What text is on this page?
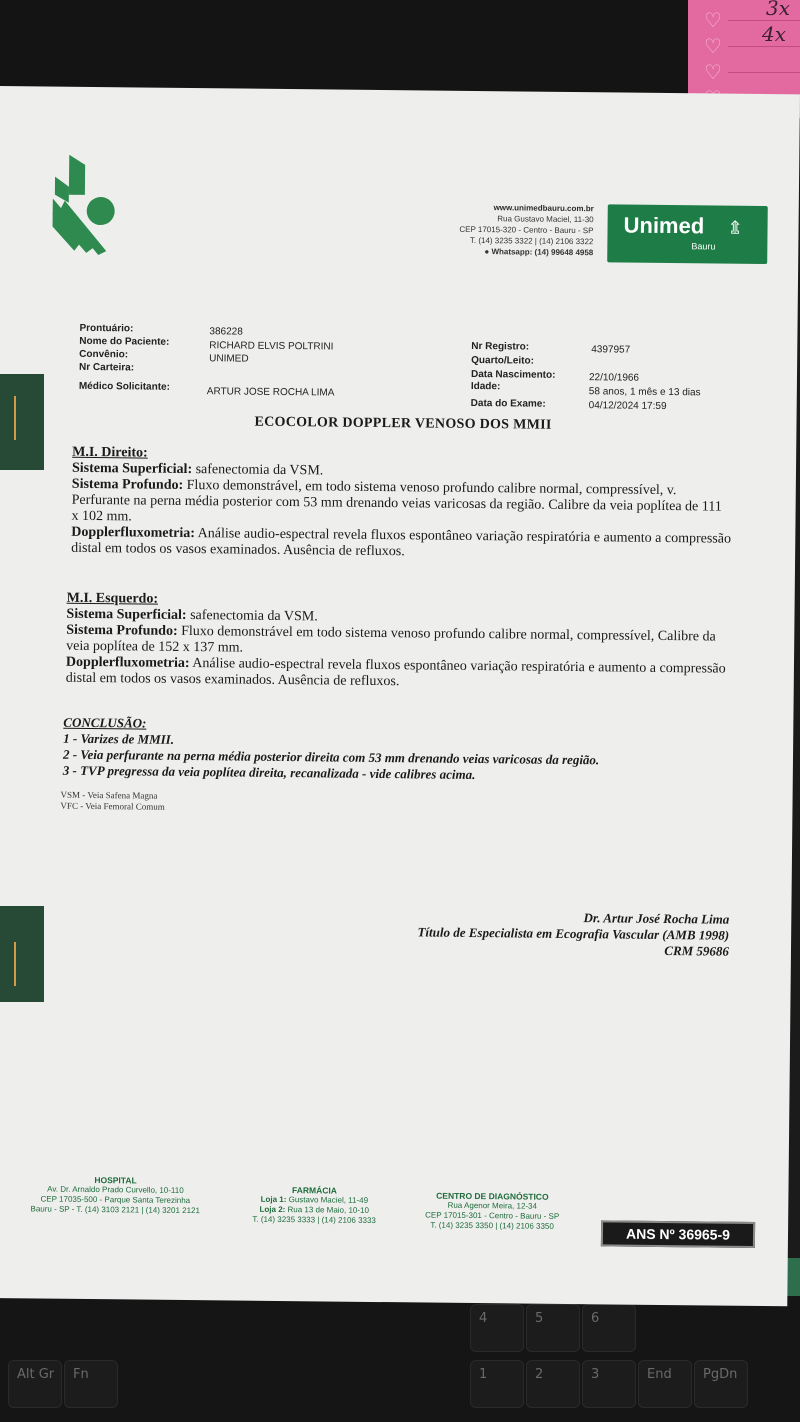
♡
♡
♡
3x
4x
4	5	6
1	2	3
Alt Gr Fn	End PgDn
www.unimedbauru.com.br
Rua Gustavo Maciel, 11-30
CEP 17015-320 - Centro - Bauru - SP
T. (14) 3235 3322 | (14) 2106 3322
● Whatsapp: (14) 99648 4958
Unimed ⇭
Bauru
Prontuário:	386228
Nome do Paciente:	RICHARD ELVIS POLTRINI
Convênio:	UNIMED
Nr Carteira:
Médico Solicitante:	ARTUR JOSE ROCHA LIMA
Nr Registro:	4397957
Quarto/Leito:
Data Nascimento:	22/10/1966
Idade:	58 anos, 1 mês e 13 dias
Data do Exame:	04/12/2024 17:59
ECOCOLOR DOPPLER VENOSO DOS MMII
M.I. Direito:

Sistema Superficial: safenectomia da VSM.

Sistema Profundo: Fluxo demonstrável, em todo sistema venoso profundo calibre normal, compressível, v. Perfurante na perna média posterior com 53 mm drenando veias varicosas da região. Calibre da veia poplítea de 111 x 102 mm.

Dopplerfluxometria: Análise audio-espectral revela fluxos espontâneo variação respiratória e aumento a compressão distal em todos os vasos examinados. Ausência de refluxos.

M.I. Esquerdo:

Sistema Superficial: safenectomia da VSM.

Sistema Profundo: Fluxo demonstrável em todo sistema venoso profundo calibre normal, compressível, Calibre da veia poplítea de 152 x 137 mm.

Dopplerfluxometria: Análise audio-espectral revela fluxos espontâneo variação respiratória e aumento a compressão distal em todos os vasos examinados. Ausência de refluxos.

CONCLUSÃO:
1 - Varizes de MMII.
2 - Veia perfurante na perna média posterior direita com 53 mm drenando veias varicosas da região.
3 - TVP pregressa da veia poplítea direita, recanalizada - vide calibres acima.
VSM - Veia Safena Magna
VFC - Veia Femoral Comum
Dr. Artur José Rocha Lima
Título de Especialista em Ecografia Vascular (AMB 1998)
CRM 59686
HOSPITAL
Av. Dr. Arnaldo Prado Curvello, 10-110
CEP 17035-500 - Parque Santa Terezinha
Bauru - SP - T. (14) 3103 2121 | (14) 3201 2121
FARMÁCIA
Loja 1: Gustavo Maciel, 11-49
Loja 2: Rua 13 de Maio, 10-10
T. (14) 3235 3333 | (14) 2106 3333
CENTRO DE DIAGNÓSTICO
Rua Agenor Meira, 12-34
CEP 17015-301 - Centro - Bauru - SP
T. (14) 3235 3350 | (14) 2106 3350	ANS Nº 36965-9
